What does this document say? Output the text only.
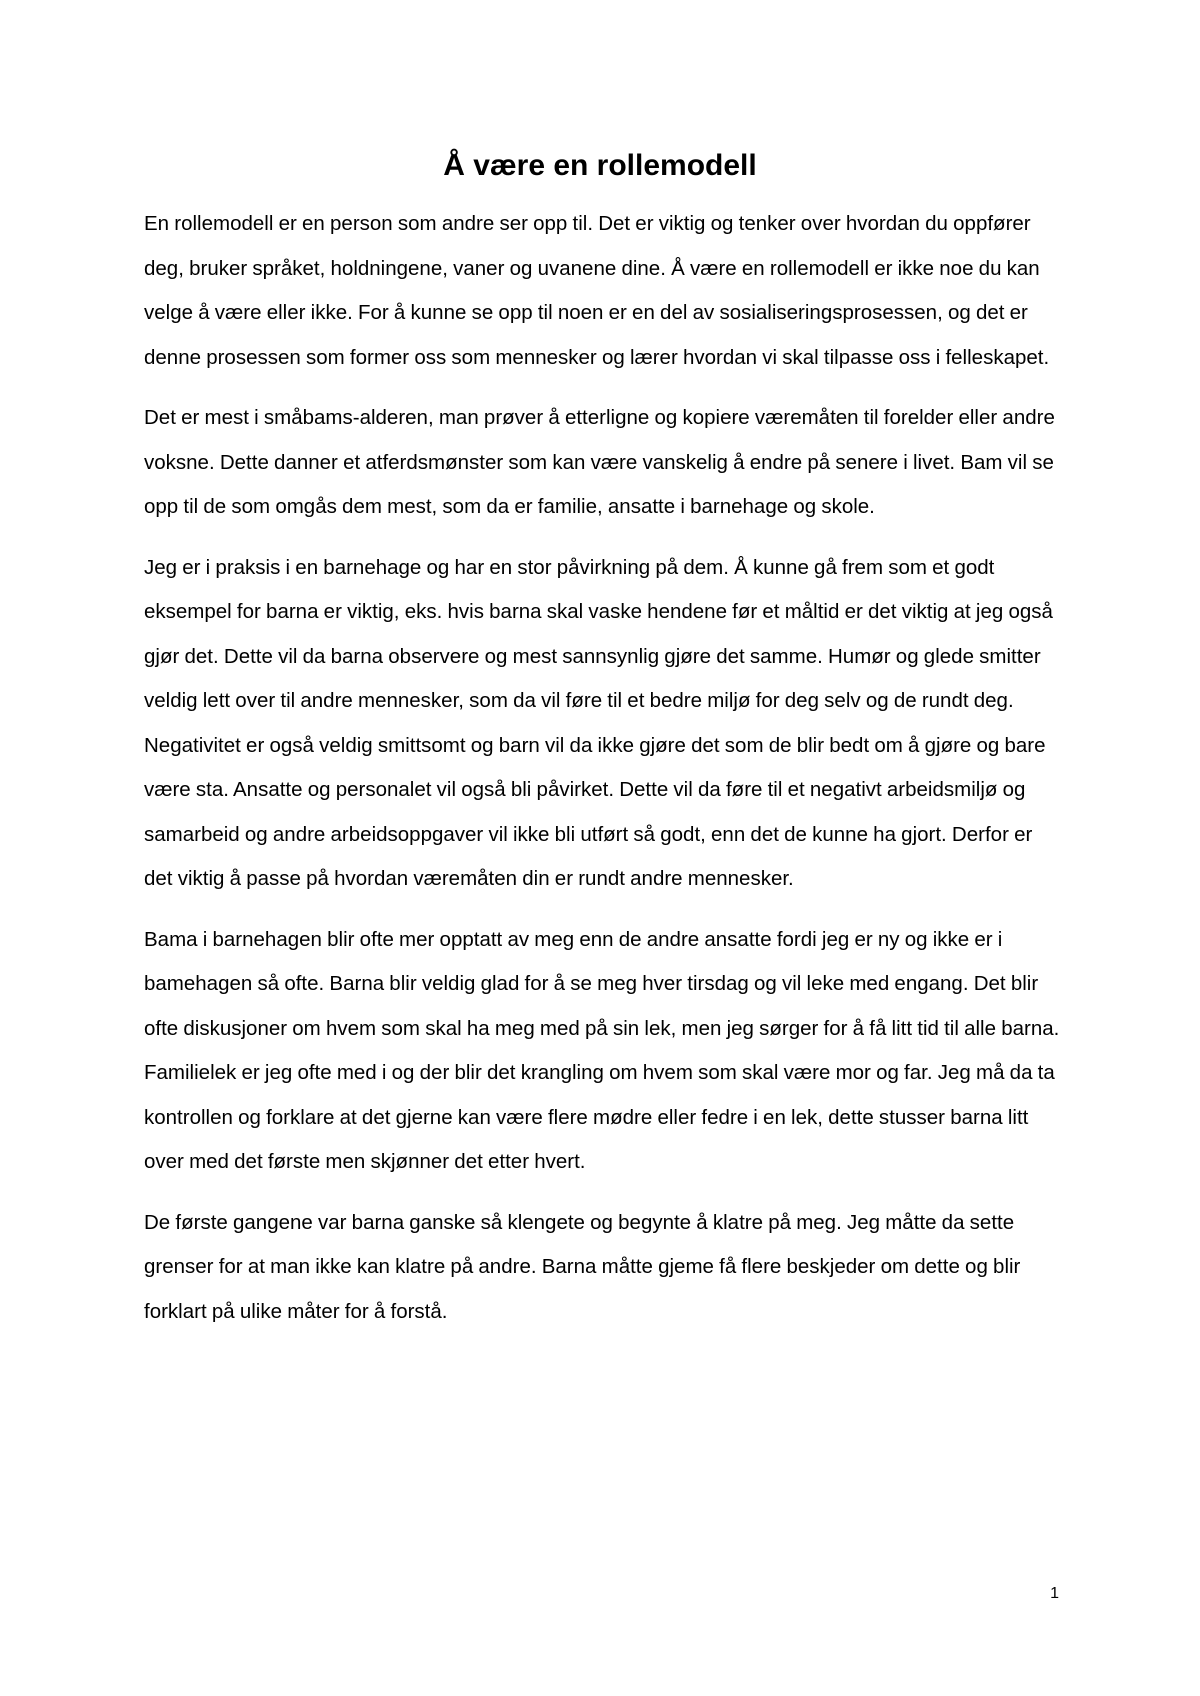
Å være en rollemodell

En rollemodell er en person som andre ser opp til. Det er viktig og tenker over hvordan du oppfører deg, bruker språket, holdningene, vaner og uvanene dine. Å være en rollemodell er ikke noe du kan velge å være eller ikke. For å kunne se opp til noen er en del av sosialiseringsprosessen, og det er denne prosessen som former oss som mennesker og lærer hvordan vi skal tilpasse oss i felleskapet.

Det er mest i småbams-alderen, man prøver å etterligne og kopiere væremåten til forelder eller andre voksne. Dette danner et atferdsmønster som kan være vanskelig å endre på senere i livet. Bam vil se opp til de som omgås dem mest, som da er familie, ansatte i barnehage og skole.

Jeg er i praksis i en barnehage og har en stor påvirkning på dem. Å kunne gå frem som et godt eksempel for barna er viktig, eks. hvis barna skal vaske hendene før et måltid er det viktig at jeg også gjør det. Dette vil da barna observere og mest sannsynlig gjøre det samme. Humør og glede smitter veldig lett over til andre mennesker, som da vil føre til et bedre miljø for deg selv og de rundt deg. Negativitet er også veldig smittsomt og barn vil da ikke gjøre det som de blir bedt om å gjøre og bare være sta. Ansatte og personalet vil også bli påvirket. Dette vil da føre til et negativt arbeidsmiljø og samarbeid og andre arbeidsoppgaver vil ikke bli utført så godt, enn det de kunne ha gjort. Derfor er det viktig å passe på hvordan væremåten din er rundt andre mennesker.

Bama i barnehagen blir ofte mer opptatt av meg enn de andre ansatte fordi jeg er ny og ikke er i bamehagen så ofte. Barna blir veldig glad for å se meg hver tirsdag og vil leke med engang. Det blir ofte diskusjoner om hvem som skal ha meg med på sin lek, men jeg sørger for å få litt tid til alle barna. Familielek er jeg ofte med i og der blir det krangling om hvem som skal være mor og far. Jeg må da ta kontrollen og forklare at det gjerne kan være flere mødre eller fedre i en lek, dette stusser barna litt over med det første men skjønner det etter hvert.

De første gangene var barna ganske så klengete og begynte å klatre på meg. Jeg måtte da sette grenser for at man ikke kan klatre på andre. Barna måtte gjeme få flere beskjeder om dette og blir forklart på ulike måter for å forstå.

1
